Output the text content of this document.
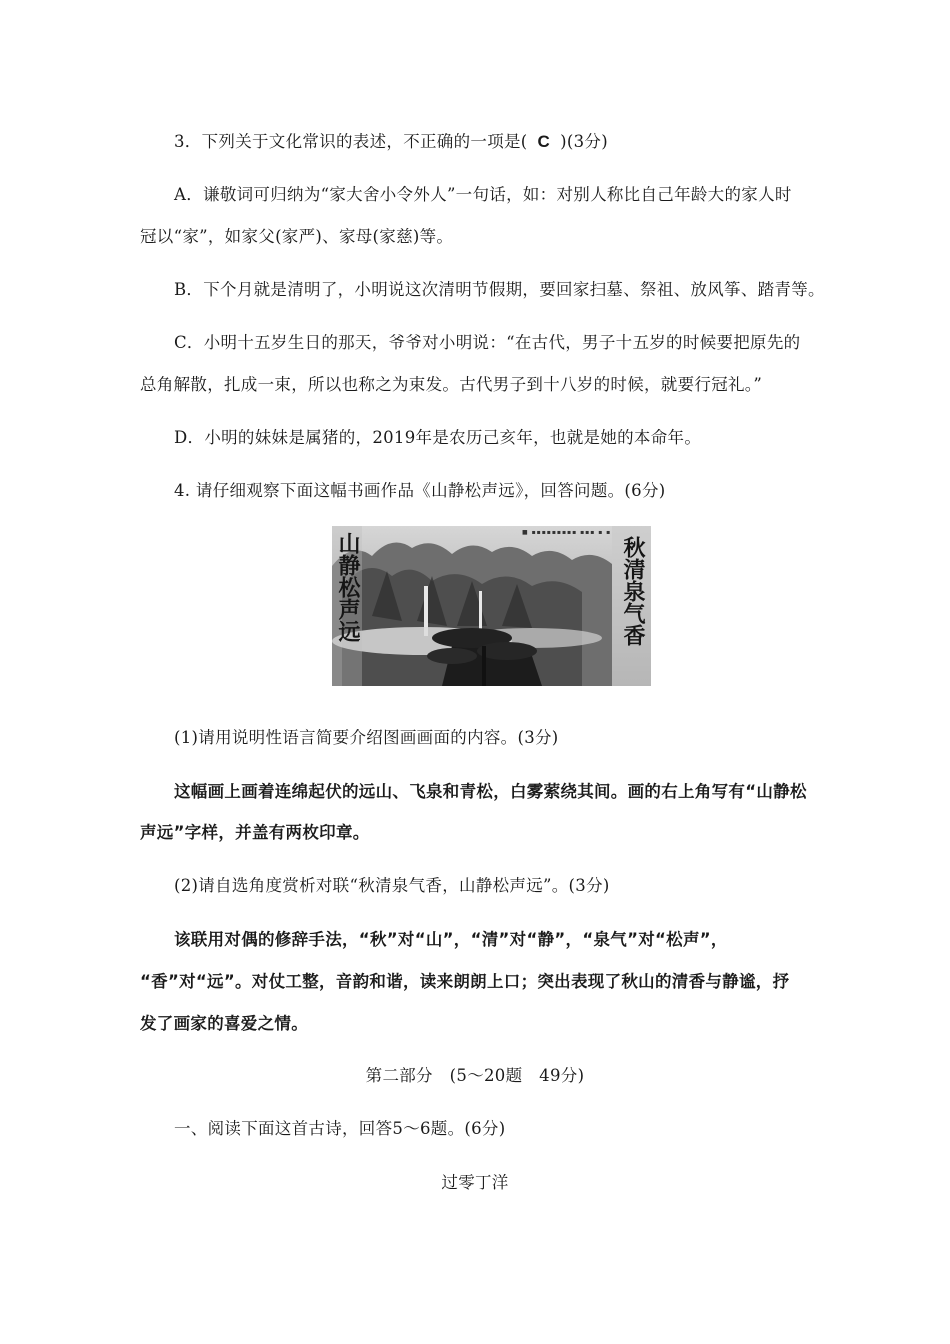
3．下列关于文化常识的表述，不正确的一项是( C )(3分)
A．谦敬词可归纳为“家大舍小令外人”一句话，如：对别人称比自己年龄大的家人时
冠以“家”，如家父(家严)、家母(家慈)等。
B．下个月就是清明了，小明说这次清明节假期，要回家扫墓、祭祖、放风筝、踏青等。
C．小明十五岁生日的那天，爷爷对小明说：“在古代，男子十五岁的时候要把原先的
总角解散，扎成一束，所以也称之为束发。古代男子到十八岁的时候，就要行冠礼。”
D．小明的妹妹是属猪的，2019年是农历己亥年，也就是她的本命年。
4. 请仔细观察下面这幅书画作品《山静松声远》，回答问题。(6分)
山静松声远	秋清泉气香
■ ▪▪▪▪▪▪▪▪▪ ▪▪▪ ▪ ▪
(1)请用说明性语言简要介绍图画画面的内容。(3分)
这幅画上画着连绵起伏的远山、飞泉和青松，白雾萦绕其间。画的右上角写有“山静松
声远”字样，并盖有两枚印章。
(2)请自选角度赏析对联“秋清泉气香，山静松声远”。(3分)
该联用对偶的修辞手法，“秋”对“山”，“清”对“静”，“泉气”对“松声”，
“香”对“远”。对仗工整，音韵和谐，读来朗朗上口；突出表现了秋山的清香与静谧，抒
发了画家的喜爱之情。
第二部分　(5～20题　49分)
一、阅读下面这首古诗，回答5～6题。(6分)
过零丁洋
